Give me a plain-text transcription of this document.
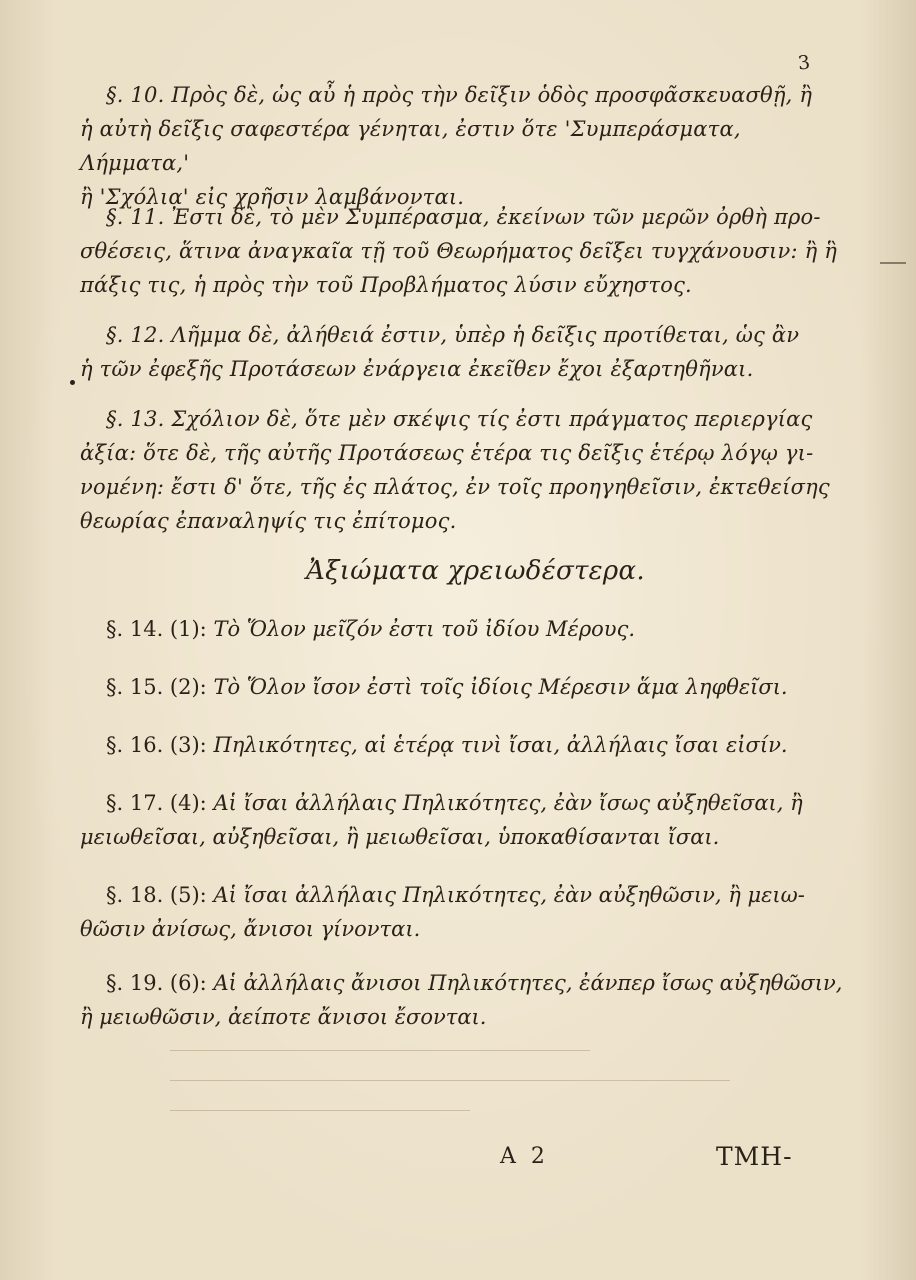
3
§. 10. Πρὸς δὲ, ὡς αὖ ἡ πρὸς τὴν δεῖξιν ὁδὸς προσφᾶσκευασθῇ, ἢ
ἡ αὐτὴ δεῖξις σαφεστέρα γένηται, ἐστιν ὅτε 'Συμπεράσματα, Λήμματα,'
ἢ 'Σχόλια' εἰς χρῆσιν λαμβάνονται.
§. 11. Ἐστι δὲ, τὸ μὲν Συμπέρασμα, ἐκείνων τῶν μερῶν ὀρθὴ προ-
σθέσεις, ἅτινα ἀναγκαῖα τῇ τοῦ Θεωρήματος δεῖξει τυγχάνουσιν: ἢ ἣ
πάξις τις, ἡ πρὸς τὴν τοῦ Προβλήματος λύσιν εὔχηστος.
§. 12. Λῆμμα δὲ, ἀλήθειά ἐστιν, ὑπὲρ ἡ δεῖξις προτίθεται, ὡς ἂν
ἡ τῶν ἐφεξῆς Προτάσεων ἐνάργεια ἐκεῖθεν ἔχοι ἐξαρτηθῆναι.
§. 13. Σχόλιον δὲ, ὅτε μὲν σκέψις τίς ἐστι πράγματος περιεργίας
ἀξία: ὅτε δὲ, τῆς αὐτῆς Προτάσεως ἑτέρα τις δεῖξις ἑτέρῳ λόγῳ γι-
νομένη: ἔστι δ' ὅτε, τῆς ἐς πλάτος, ἐν τοῖς προηγηθεῖσιν, ἐκτεθείσης
θεωρίας ἐπαναληψίς τις ἐπίτομος.
Ἀξιώματα χρειωδέστερα.
§. 14. (1): Τὸ Ὅλον μεῖζόν ἐστι τοῦ ἰδίου Μέρους.
§. 15. (2): Τὸ Ὅλον ἴσον ἐστὶ τοῖς ἰδίοις Μέρεσιν ἅμα ληφθεῖσι.
§. 16. (3): Πηλικότητες, αἱ ἑτέρᾳ τινὶ ἴσαι, ἀλλήλαις ἴσαι εἰσίν.
§. 17. (4): Αἱ ἴσαι ἀλλήλαις Πηλικότητες, ἐὰν ἴσως αὐξηθεῖσαι, ἢ
μειωθεῖσαι, αὐξηθεῖσαι, ἢ μειωθεῖσαι, ὑποκαθίσανται ἴσαι.
§. 18. (5): Αἱ ἴσαι ἀλλήλαις Πηλικότητες, ἐὰν αὐξηθῶσιν, ἢ μειω-
θῶσιν ἀνίσως, ἄνισοι γίνονται.
§. 19. (6): Αἱ ἀλλήλαις ἄνισοι Πηλικότητες, ἐάνπερ ἴσως αὐξηθῶσιν,
ἢ μειωθῶσιν, ἀείποτε ἄνισοι ἔσονται.
A 2	ΤΜΗ-
